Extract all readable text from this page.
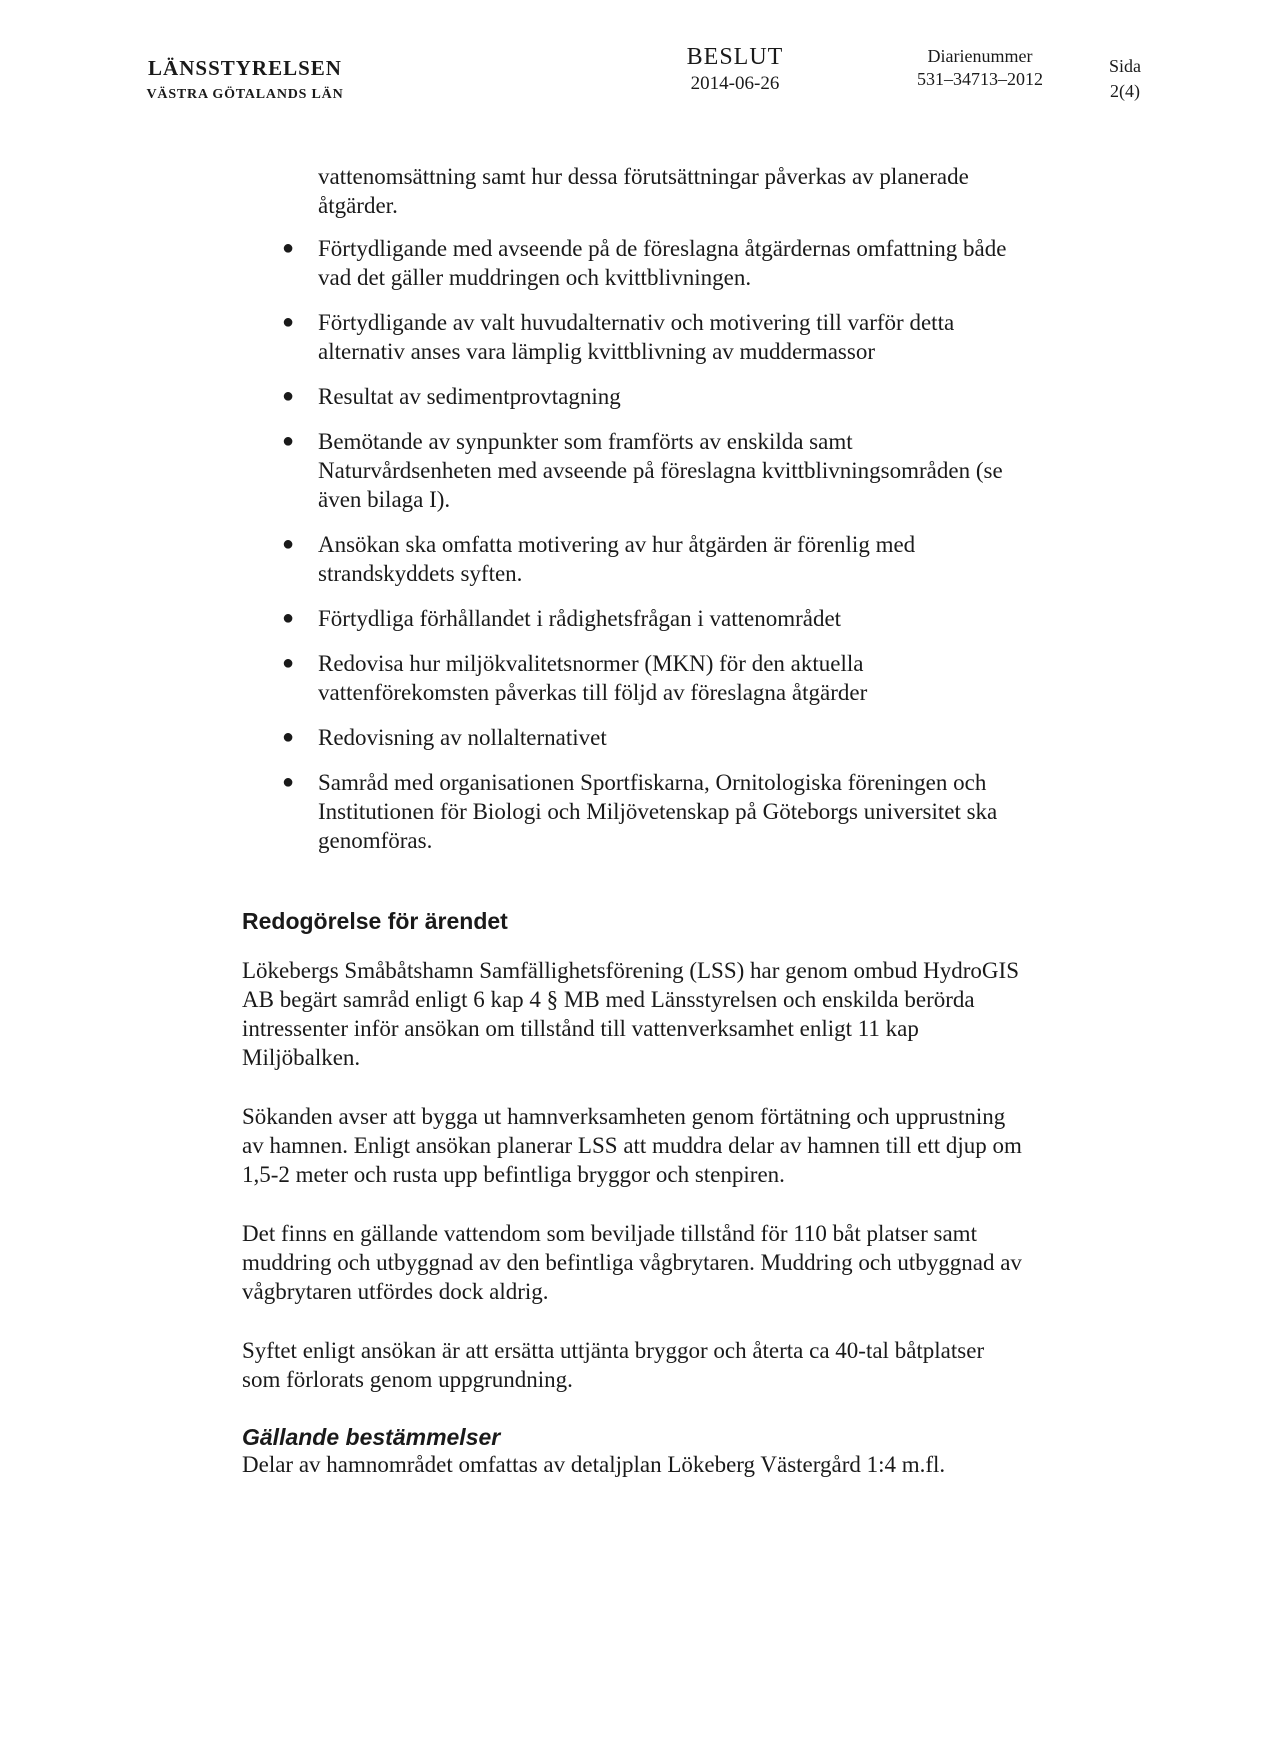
LÄNSSTYRELSEN
VÄSTRA GÖTALANDS LÄN
BESLUT
2014-06-26
Diarienummer
531–34713–2012
Sida
2(4)

vattenomsättning samt hur dessa förutsättningar påverkas av planerade åtgärder.

● Förtydligande med avseende på de föreslagna åtgärdernas omfattning både vad det gäller muddringen och kvittblivningen.
● Förtydligande av valt huvudalternativ och motivering till varför detta alternativ anses vara lämplig kvittblivning av muddermassor
● Resultat av sedimentprovtagning
● Bemötande av synpunkter som framförts av enskilda samt Naturvårdsenheten med avseende på föreslagna kvittblivningsområden (se även bilaga I).
● Ansökan ska omfatta motivering av hur åtgärden är förenlig med strandskyddets syften.
● Förtydliga förhållandet i rådighetsfrågan i vattenområdet
● Redovisa hur miljökvalitetsnormer (MKN) för den aktuella vattenförekomsten påverkas till följd av föreslagna åtgärder
● Redovisning av nollalternativet
● Samråd med organisationen Sportfiskarna, Ornitologiska föreningen och Institutionen för Biologi och Miljövetenskap på Göteborgs universitet ska genomföras.
Redogörelse för ärendet

Lökebergs Småbåtshamn Samfällighetsförening (LSS) har genom ombud HydroGIS AB begärt samråd enligt 6 kap 4 § MB med Länsstyrelsen och enskilda berörda intressenter inför ansökan om tillstånd till vattenverksamhet enligt 11 kap Miljöbalken.

Sökanden avser att bygga ut hamnverksamheten genom förtätning och upprustning av hamnen. Enligt ansökan planerar LSS att muddra delar av hamnen till ett djup om 1,5-2 meter och rusta upp befintliga bryggor och stenpiren.

Det finns en gällande vattendom som beviljade tillstånd för 110 båt platser samt muddring och utbyggnad av den befintliga vågbrytaren. Muddring och utbyggnad av vågbrytaren utfördes dock aldrig.

Syftet enligt ansökan är att ersätta uttjänta bryggor och återta ca 40-tal båtplatser som förlorats genom uppgrundning.

Gällande bestämmelser

Delar av hamnområdet omfattas av detaljplan Lökeberg Västergård 1:4 m.fl.
